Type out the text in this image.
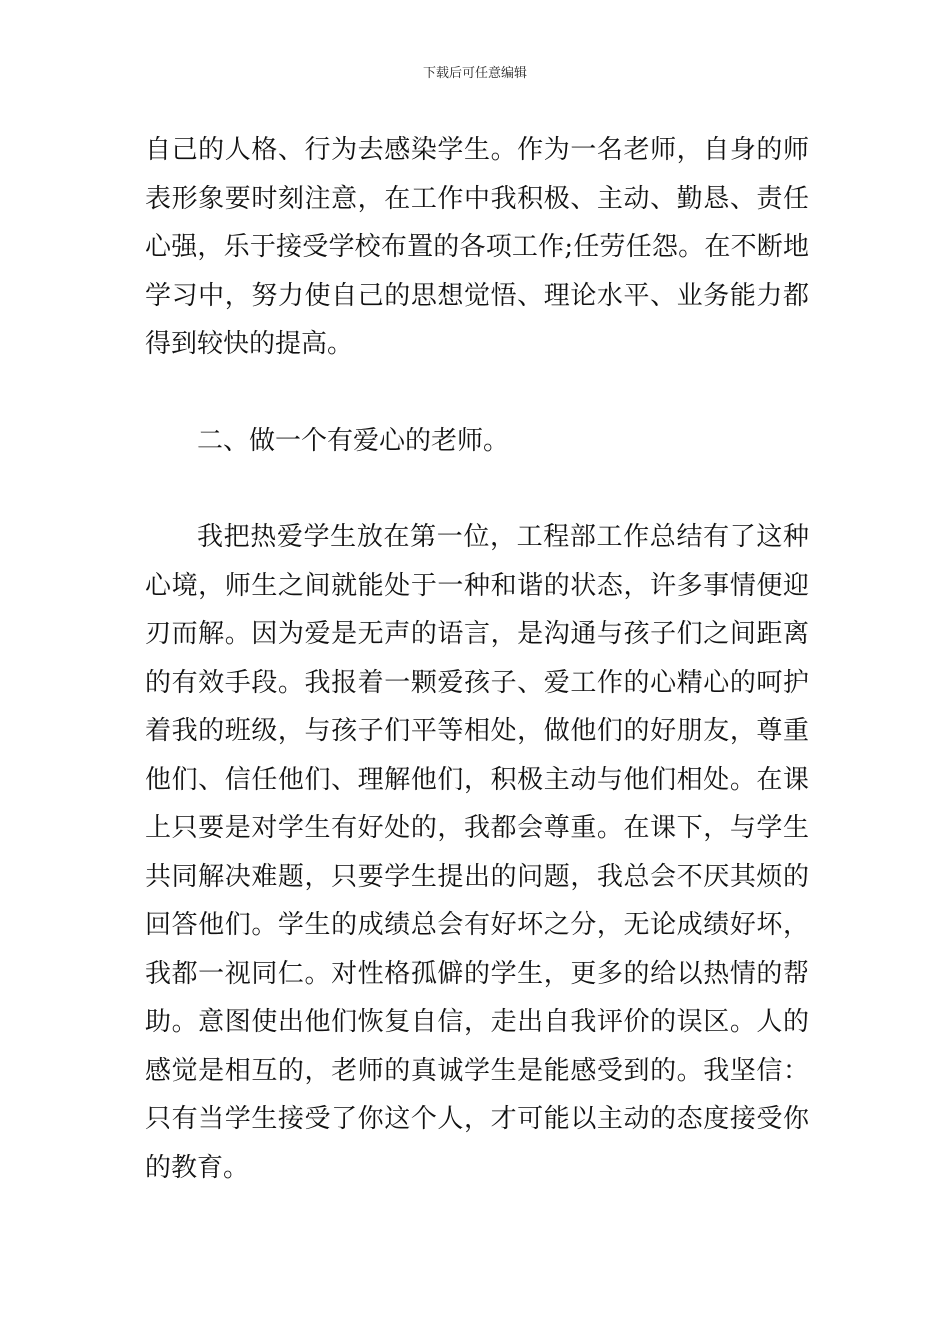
下载后可任意编辑
自己的人格、行为去感染学生。作为一名老师，自身的师
表形象要时刻注意，在工作中我积极、主动、勤恳、责任
心强，乐于接受学校布置的各项工作;任劳任怨。在不断地
学习中，努力使自己的思想觉悟、理论水平、业务能力都
得到较快的提高。
二、做一个有爱心的老师。
我把热爱学生放在第一位，工程部工作总结有了这种
心境，师生之间就能处于一种和谐的状态，许多事情便迎
刃而解。因为爱是无声的语言，是沟通与孩子们之间距离
的有效手段。我报着一颗爱孩子、爱工作的心精心的呵护
着我的班级，与孩子们平等相处，做他们的好朋友，尊重
他们、信任他们、理解他们，积极主动与他们相处。在课
上只要是对学生有好处的，我都会尊重。在课下，与学生
共同解决难题，只要学生提出的问题，我总会不厌其烦的
回答他们。学生的成绩总会有好坏之分，无论成绩好坏，
我都一视同仁。对性格孤僻的学生，更多的给以热情的帮
助。意图使出他们恢复自信，走出自我评价的误区。人的
感觉是相互的，老师的真诚学生是能感受到的。我坚信：
只有当学生接受了你这个人，才可能以主动的态度接受你
的教育。
